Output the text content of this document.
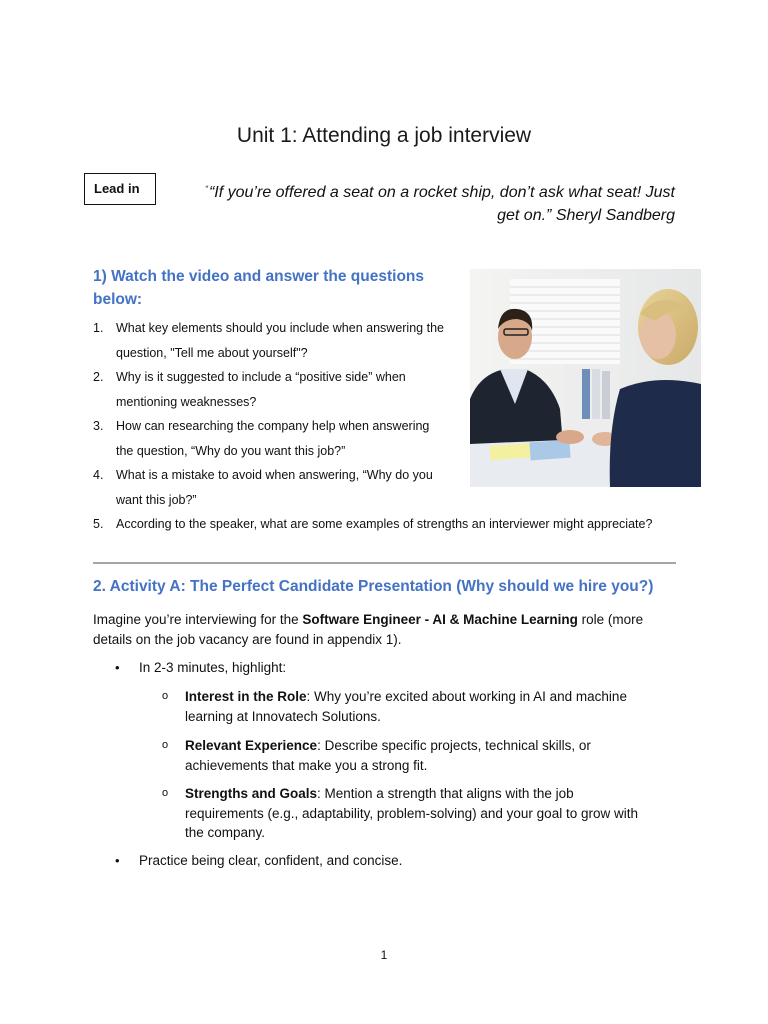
Unit 1: Attending a job interview
Lead in	““If you’re offered a seat on a rocket ship, don’t ask what seat! Just
get on.” Sheryl Sandberg
1) Watch the video and answer the questions
below:
1.	What key elements should you include when answering the
question, "Tell me about yourself"?
2.	Why is it suggested to include a “positive side” when
mentioning weaknesses?
3.	How can researching the company help when answering
the question, “Why do you want this job?”
4.	What is a mistake to avoid when answering, “Why do you
want this job?”
5.	According to the speaker, what are some examples of strengths an interviewer might appreciate?
2. Activity A: The Perfect Candidate Presentation (Why should we hire you?)
Imagine you’re interviewing for the Software Engineer - AI & Machine Learning role (more
details on the job vacancy are found in appendix 1).
• In 2-3 minutes, highlight:
o Interest in the Role: Why you’re excited about working in AI and machine
learning at Innovatech Solutions.
o Relevant Experience: Describe specific projects, technical skills, or
achievements that make you a strong fit.
o Strengths and Goals: Mention a strength that aligns with the job
requirements (e.g., adaptability, problem-solving) and your goal to grow with
the company.
• Practice being clear, confident, and concise.
1
